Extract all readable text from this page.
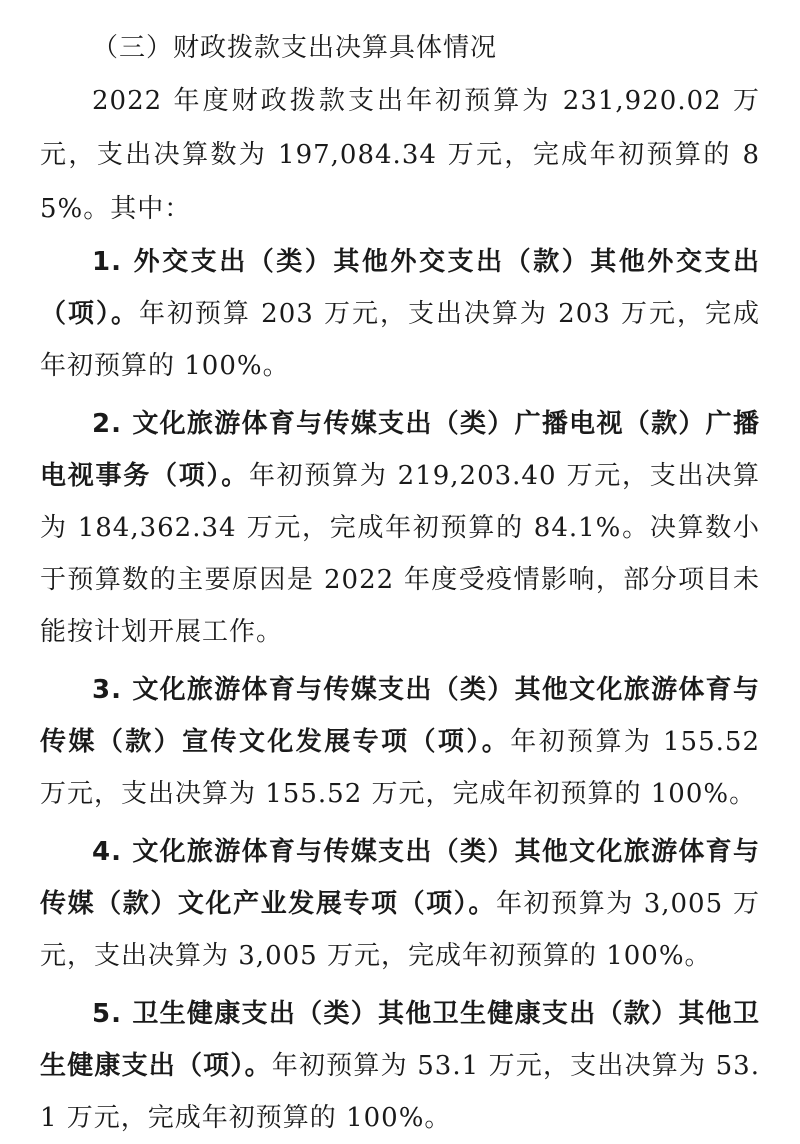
（三）财政拨款支出决算具体情况

2022 年度财政拨款支出年初预算为 231,920.02 万元，支出决算数为 197,084.34 万元，完成年初预算的 85%。其中：

1. 外交支出（类）其他外交支出（款）其他外交支出（项）。年初预算 203 万元，支出决算为 203 万元，完成年初预算的 100%。

2. 文化旅游体育与传媒支出（类）广播电视（款）广播电视事务（项）。年初预算为 219,203.40 万元，支出决算为 184,362.34 万元，完成年初预算的 84.1%。决算数小于预算数的主要原因是 2022 年度受疫情影响，部分项目未能按计划开展工作。

3. 文化旅游体育与传媒支出（类）其他文化旅游体育与传媒（款）宣传文化发展专项（项）。年初预算为 155.52 万元，支出决算为 155.52 万元，完成年初预算的 100%。

4. 文化旅游体育与传媒支出（类）其他文化旅游体育与传媒（款）文化产业发展专项（项）。年初预算为 3,005 万元，支出决算为 3,005 万元，完成年初预算的 100%。

5. 卫生健康支出（类）其他卫生健康支出（款）其他卫生健康支出（项）。年初预算为 53.1 万元，支出决算为 53.1 万元，完成年初预算的 100%。
